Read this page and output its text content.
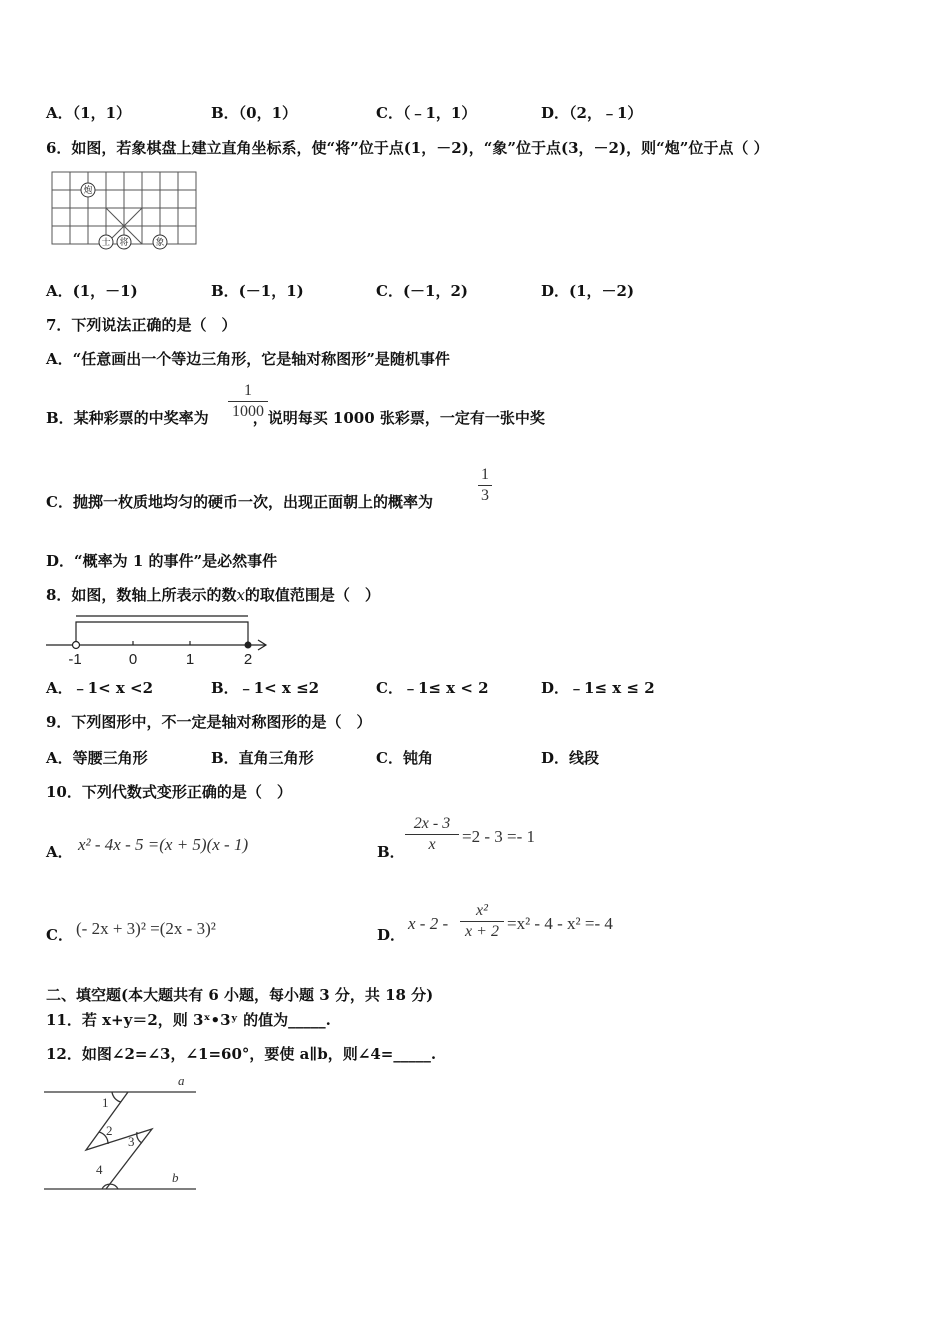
A．（1，1）	B．（0，1）	C．（﹣1，1）	D．（2，﹣1）
6．如图，若象棋盘上建立直角坐标系，使“将”位于点(1，－2)，“象”位于点(3，－2)，则“炮”位于点（ ）
炮
士 将	象
A．(1，－1)	B．(－1，1)	C．(－1，2)	D．(1，－2)
7．下列说法正确的是（　）
A．“任意画出一个等边三角形，它是轴对称图形”是随机事件
B．某种彩票的中奖率为	，说明每买 1000 张彩票，一定有一张中奖
1
1000
C．抛掷一枚质地均匀的硬币一次，出现正面朝上的概率为
1
3
D．“概率为 1 的事件”是必然事件
8．如图，数轴上所表示的数x的取值范围是（　）
-1	0	1	2
A．﹣1< x <2	B．﹣1< x ≤2	C．﹣1≤ x < 2	D．﹣1≤ x ≤ 2
9．下列图形中，不一定是轴对称图形的是（　）
A．等腰三角形	B．直角三角形	C．钝角	D．线段
10．下列代数式变形正确的是（　）
A． x² - 4x - 5 =(x + 5)(x - 1)	B．
2x - 3
x	=2 - 3 =- 1
C． (- 2x + 3)² =(2x - 3)²	D．
x - 2 -
x²
x + 2 =x² - 4 - x² =- 4
二、填空题(本大题共有 6 小题，每小题 3 分，共 18 分)
11．若 x+y＝2，则 3ˣ•3ʸ 的值为_____.
12．如图∠2=∠3，∠1=60°，要使 a∥b，则∠4=_____.
a
b
1
2
3
4
